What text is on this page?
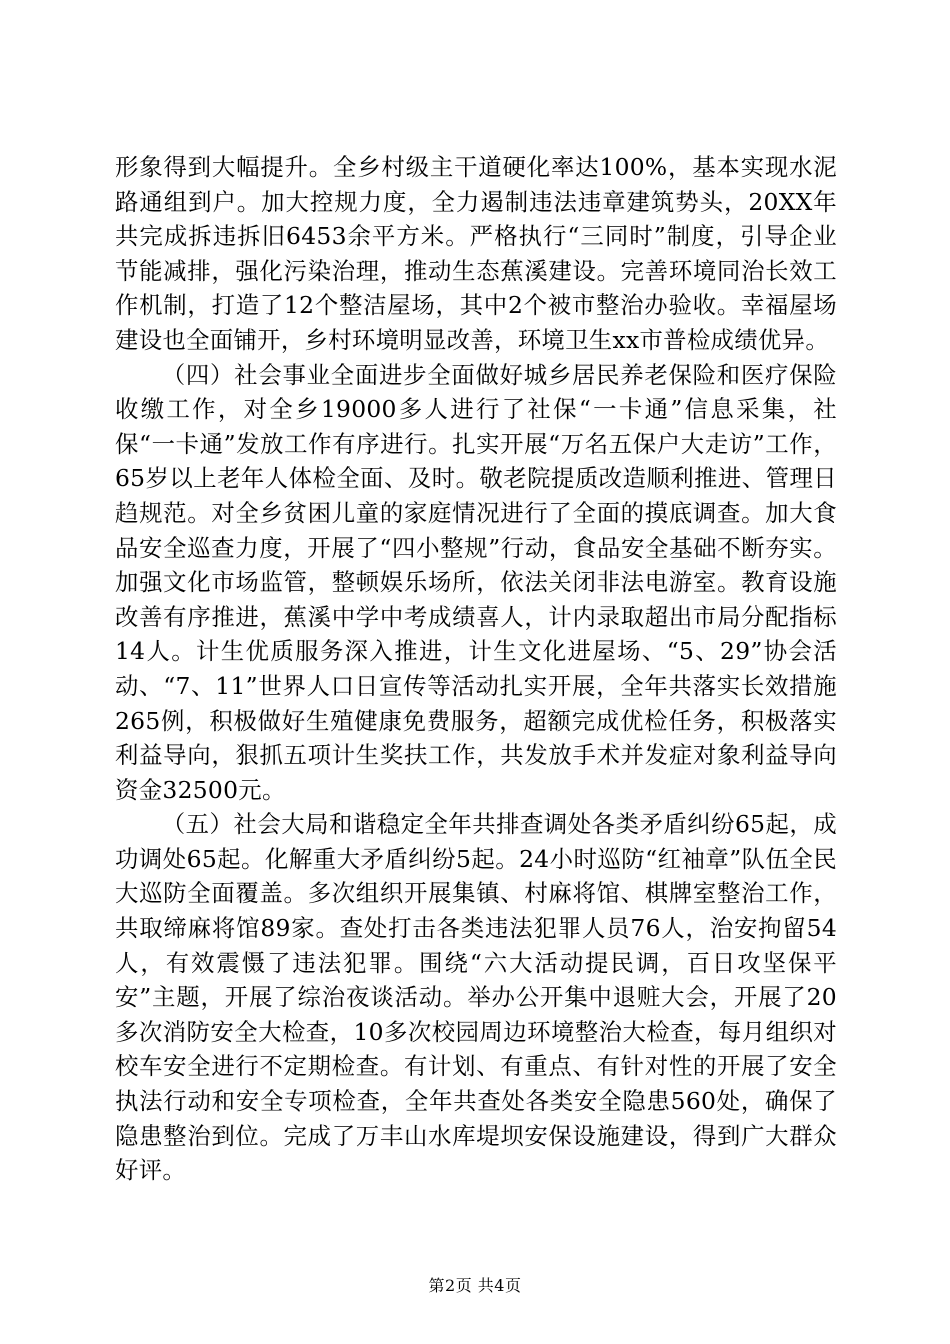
形象得到大幅提升。全乡村级主干道硬化率达100%，基本实现水泥路通组到户。加大控规力度，全力遏制违法违章建筑势头，20XX年共完成拆违拆旧6453余平方米。严格执行“三同时”制度，引导企业节能减排，强化污染治理，推动生态蕉溪建设。完善环境同治长效工作机制，打造了12个整洁屋场，其中2个被市整治办验收。幸福屋场建设也全面铺开，乡村环境明显改善，环境卫生xx市普检成绩优异。

（四）社会事业全面进步全面做好城乡居民养老保险和医疗保险收缴工作，对全乡19000多人进行了社保“一卡通”信息采集，社保“一卡通”发放工作有序进行。扎实开展“万名五保户大走访”工作，65岁以上老年人体检全面、及时。敬老院提质改造顺利推进、管理日趋规范。对全乡贫困儿童的家庭情况进行了全面的摸底调查。加大食品安全巡查力度，开展了“四小整规”行动，食品安全基础不断夯实。加强文化市场监管，整顿娱乐场所，依法关闭非法电游室。教育设施改善有序推进，蕉溪中学中考成绩喜人，计内录取超出市局分配指标14人。计生优质服务深入推进，计生文化进屋场、“5、29”协会活动、“7、11”世界人口日宣传等活动扎实开展，全年共落实长效措施265例，积极做好生殖健康免费服务，超额完成优检任务，积极落实利益导向，狠抓五项计生奖扶工作，共发放手术并发症对象利益导向资金32500元。

（五）社会大局和谐稳定全年共排查调处各类矛盾纠纷65起，成功调处65起。化解重大矛盾纠纷5起。24小时巡防“红袖章”队伍全民大巡防全面覆盖。多次组织开展集镇、村麻将馆、棋牌室整治工作，共取缔麻将馆89家。查处打击各类违法犯罪人员76人，治安拘留54人，有效震慑了违法犯罪。围绕“六大活动提民调，百日攻坚保平安”主题，开展了综治夜谈活动。举办公开集中退赃大会，开展了20多次消防安全大检查，10多次校园周边环境整治大检查，每月组织对校车安全进行不定期检查。有计划、有重点、有针对性的开展了安全执法行动和安全专项检查，全年共查处各类安全隐患560处，确保了隐患整治到位。完成了万丰山水库堤坝安保设施建设，得到广大群众好评。

第2页 共4页
